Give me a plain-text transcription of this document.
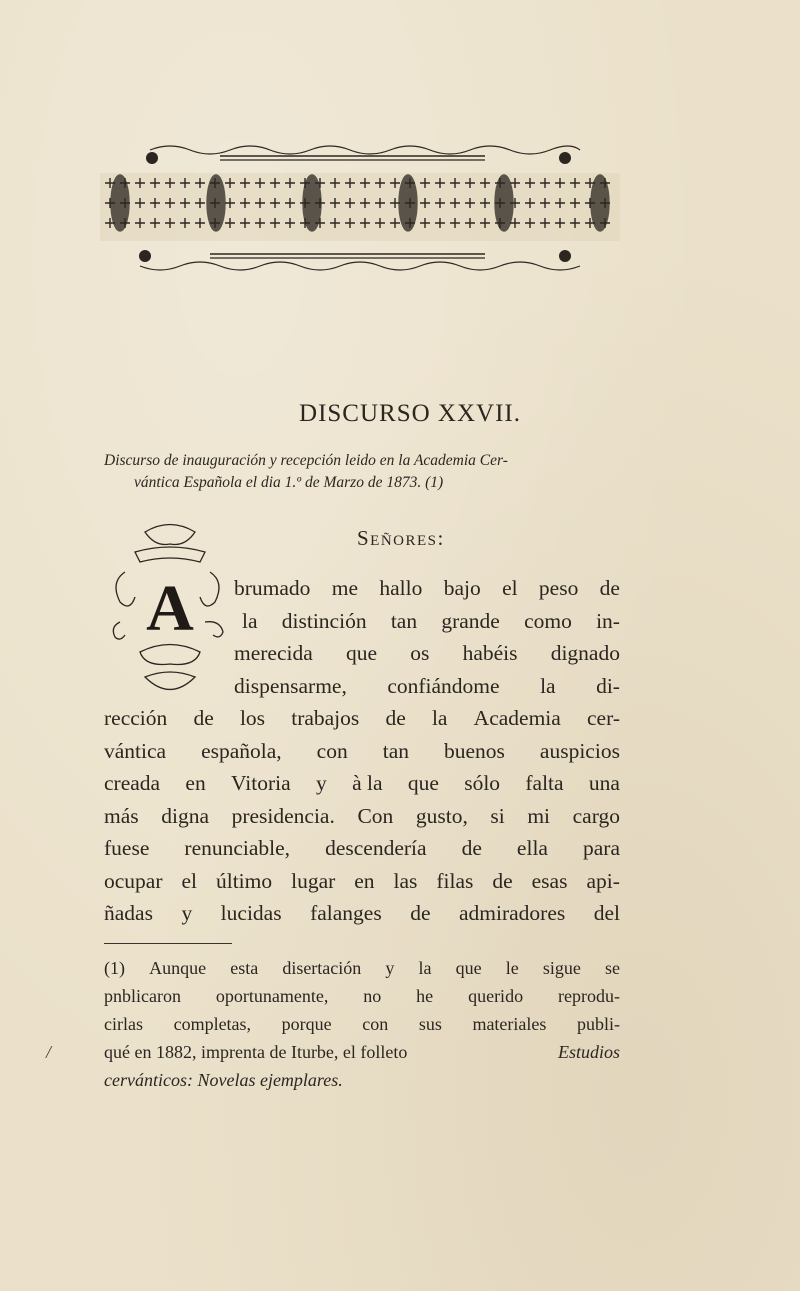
DISCURSO XXVII.
Discurso de inauguración y recepción leido en la Academia Cer-
vántica Española el dia 1.º de Marzo de 1873. (1)
A
Señores:
brumado me hallo bajo el peso de
la distinción tan grande como in-
merecida que os habéis dignado
dispensarme, confiándome la di-
rección de los trabajos de la Academia cer-
vántica española, con tan buenos auspicios
creada en Vitoria y à la que sólo falta una
más digna presidencia. Con gusto, si mi cargo
fuese renunciable, descendería de ella para
ocupar el último lugar en las filas de esas api-
ñadas y lucidas falanges de admiradores del
(1) Aunque esta disertación y la que le sigue se
pnblicaron oportunamente, no he querido reprodu-
cirlas completas, porque con sus materiales publi-
qué en 1882, imprenta de Iturbe, el folleto	Estudios
cervánticos: Novelas ejemplares.
/
